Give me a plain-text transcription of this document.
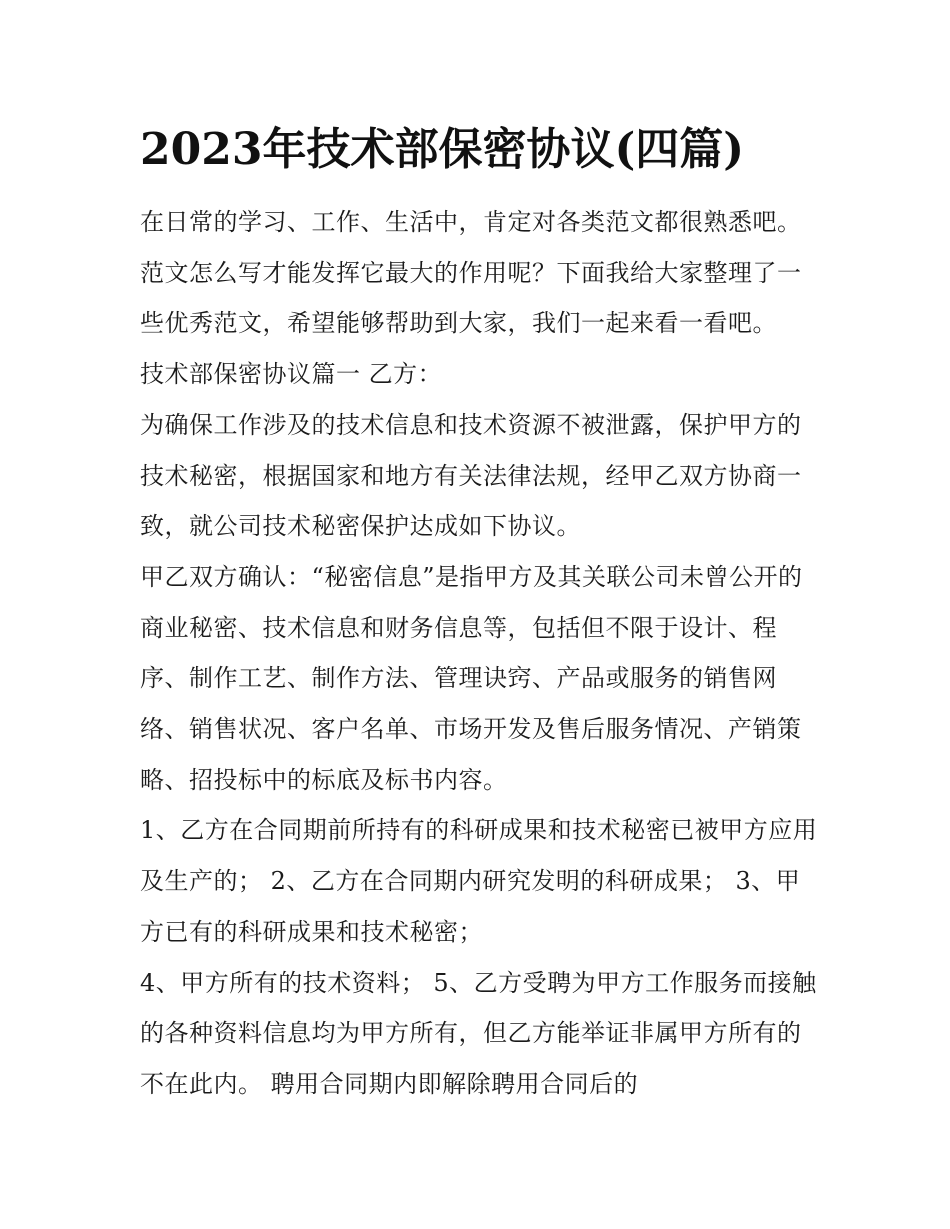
2023年技术部保密协议(四篇)

在日常的学习、工作、生活中，肯定对各类范文都很熟悉吧。范文怎么写才能发挥它最大的作用呢？下面我给大家整理了一些优秀范文，希望能够帮助到大家，我们一起来看一看吧。

技术部保密协议篇一 乙方：

为确保工作涉及的技术信息和技术资源不被泄露，保护甲方的技术秘密，根据国家和地方有关法律法规，经甲乙双方协商一致，就公司技术秘密保护达成如下协议。

甲乙双方确认：“秘密信息”是指甲方及其关联公司未曾公开的商业秘密、技术信息和财务信息等，包括但不限于设计、程序、制作工艺、制作方法、管理诀窍、产品或服务的销售网络、销售状况、客户名单、市场开发及售后服务情况、产销策略、招投标中的标底及标书内容。

1、乙方在合同期前所持有的科研成果和技术秘密已被甲方应用及生产的； 2、乙方在合同期内研究发明的科研成果； 3、甲方已有的科研成果和技术秘密；

4、甲方所有的技术资料； 5、乙方受聘为甲方工作服务而接触的各种资料信息均为甲方所有，但乙方能举证非属甲方所有的不在此内。 聘用合同期内即解除聘用合同后的
